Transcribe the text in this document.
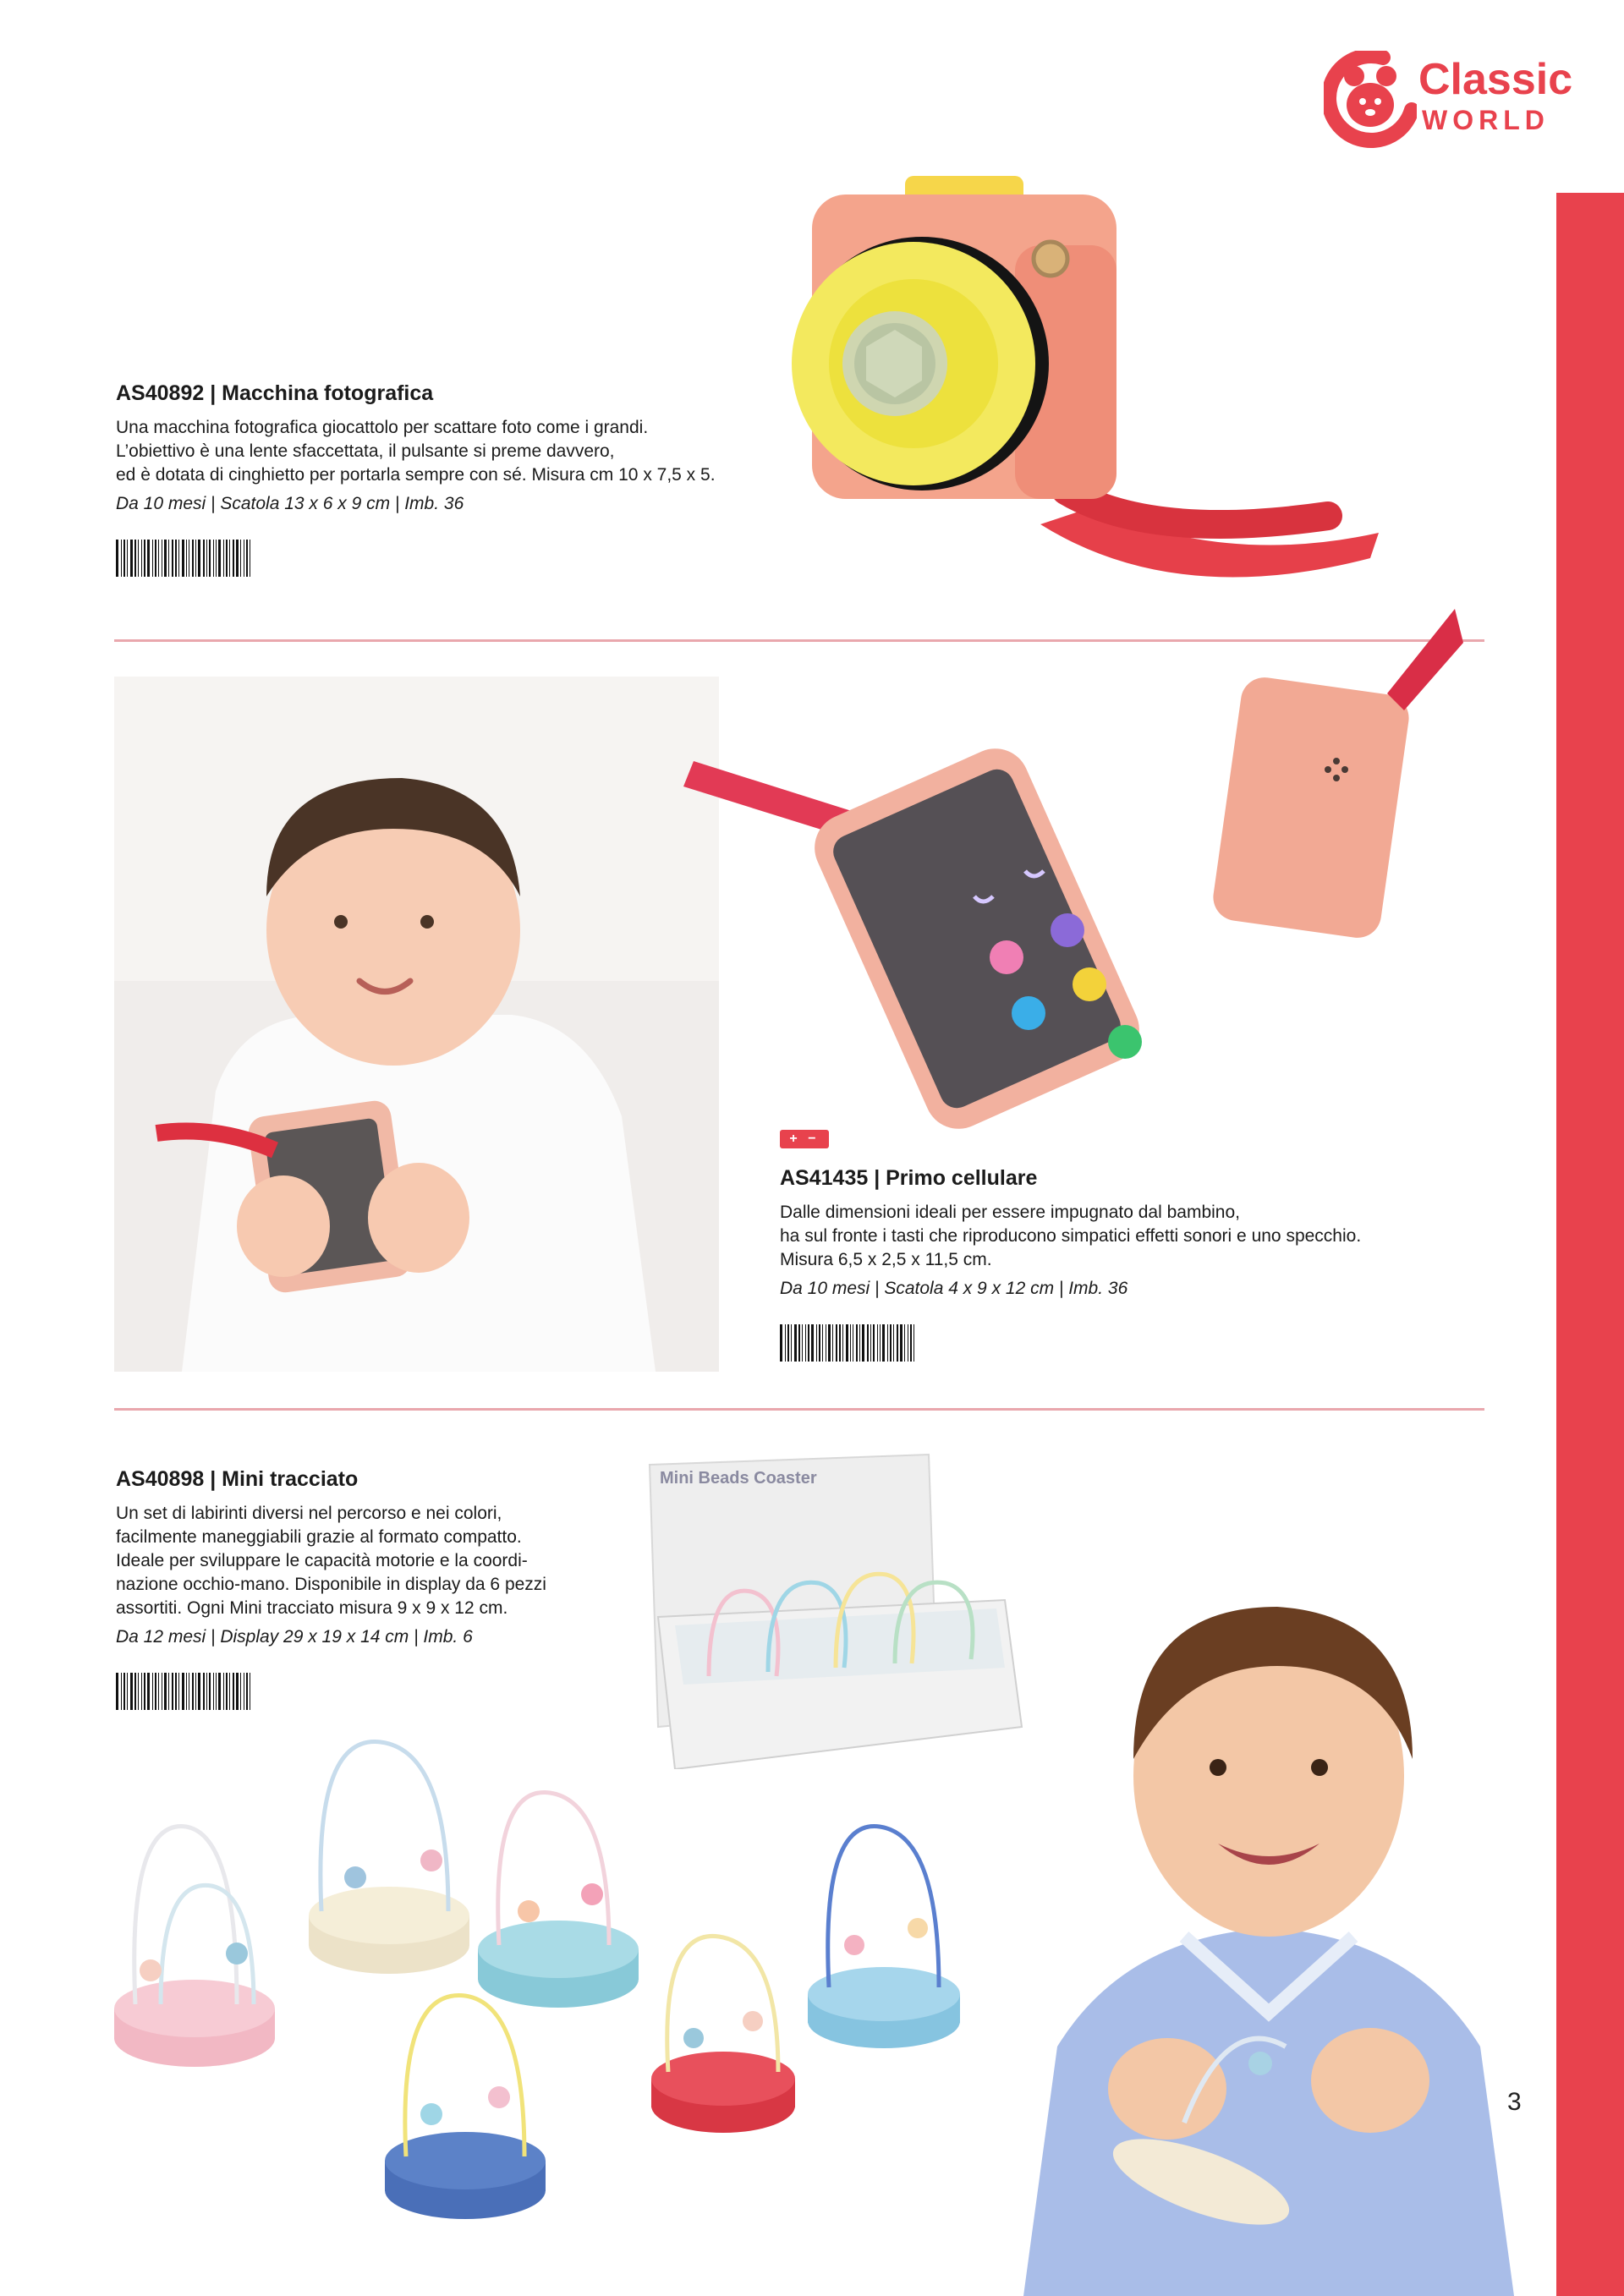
Classic
WORLD
AS40892 | Macchina fotografica
Una macchina fotografica giocattolo per scattare foto come i grandi.
L’obiettivo è una lente sfaccettata, il pulsante si preme davvero,
ed è dotata di cinghietto per portarla sempre con sé. Misura cm 10 x 7,5 x 5.
Da 10 mesi | Scatola 13 x 6 x 9 cm | Imb. 36
+ −
AS41435 | Primo cellulare
Dalle dimensioni ideali per essere impugnato dal bambino,
ha sul fronte i tasti che riproducono simpatici effetti sonori e uno specchio.
Misura 6,5 x 2,5 x 11,5 cm.
Da 10 mesi | Scatola 4 x 9 x 12 cm | Imb. 36
AS40898 | Mini tracciato
Un set di labirinti diversi nel percorso e nei colori,
facilmente maneggiabili grazie al formato compatto.
Ideale per sviluppare le capacità motorie e la coordi-
nazione occhio-mano. Disponibile in display da 6 pezzi
assortiti. Ogni Mini tracciato misura 9 x 9 x 12 cm.
Da 12 mesi | Display 29 x 19 x 14 cm | Imb. 6
Mini Beads Coaster
3
